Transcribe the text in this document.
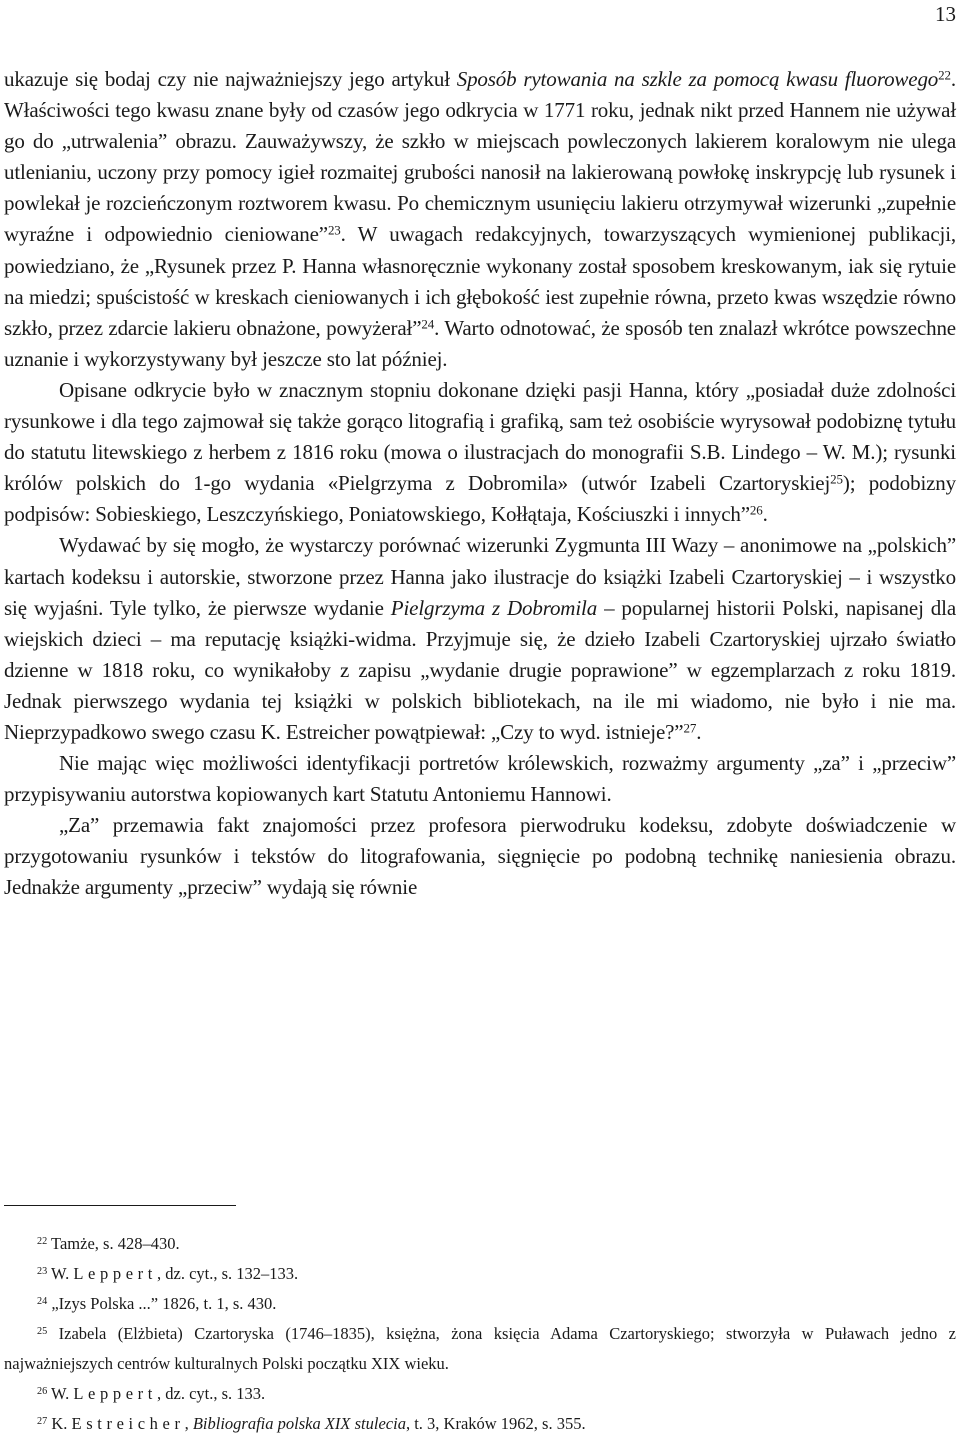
13

ukazuje się bodaj czy nie najważniejszy jego artykuł Sposób rytowania na szkle za pomocą kwasu fluorowego$^{22}$. Właściwości tego kwasu znane były od czasów jego odkrycia w 1771 roku, jednak nikt przed Hannem nie używał go do „utrwalenia” obrazu. Zauważywszy, że szkło w miejscach powleczonych lakierem koralowym nie ulega utlenianiu, uczony przy pomocy igieł rozmaitej grubości nanosił na lakierowaną powłokę inskrypcję lub rysunek i powlekał je rozcieńczonym roztworem kwasu. Po chemicznym usunięciu lakieru otrzymywał wizerunki „zupełnie wyraźne i odpowiednio cieniowane”$^{23}$. W uwagach redakcyjnych, towarzyszących wymienionej publikacji, powiedziano, że „Rysunek przez P. Hanna własnoręcznie wykonany został sposobem kreskowanym, iak się rytuie na miedzi; spuścistość w kreskach cieniowanych i ich głębokość iest zupełnie równa, przeto kwas wszędzie równo szkło, przez zdarcie lakieru obnażone, powyżerał”$^{24}$. Warto odnotować, że sposób ten znalazł wkrótce powszechne uznanie i wykorzystywany był jeszcze sto lat później.

Opisane odkrycie było w znacznym stopniu dokonane dzięki pasji Hanna, który „posiadał duże zdolności rysunkowe i dla tego zajmował się także gorąco litografią i grafiką, sam też osobiście wyrysował podobiznę tytułu do statutu litewskiego z herbem z 1816 roku (mowa o ilustracjach do monografii S.B. Lindego – W. M.); rysunki królów polskich do 1-go wydania «Pielgrzyma z Dobromila» (utwór Izabeli Czartoryskiej$^{25}$); podobizny podpisów: Sobieskiego, Leszczyńskiego, Poniatowskiego, Kołłątaja, Kościuszki i innych”$^{26}$.

Wydawać by się mogło, że wystarczy porównać wizerunki Zygmunta III Wazy – anonimowe na „polskich” kartach kodeksu i autorskie, stworzone przez Hanna jako ilustracje do książki Izabeli Czartoryskiej – i wszystko się wyjaśni. Tyle tylko, że pierwsze wydanie Pielgrzyma z Dobromila – popularnej historii Polski, napisanej dla wiejskich dzieci – ma reputację książki-widma. Przyjmuje się, że dzieło Izabeli Czartoryskiej ujrzało światło dzienne w 1818 roku, co wynikałoby z zapisu „wydanie drugie poprawione” w egzemplarzach z roku 1819. Jednak pierwszego wydania tej książki w polskich bibliotekach, na ile mi wiadomo, nie było i nie ma. Nieprzypadkowo swego czasu K. Estreicher powątpiewał: „Czy to wyd. istnieje?”$^{27}$.

Nie mając więc możliwości identyfikacji portretów królewskich, rozważmy argumenty „za” i „przeciw” przypisywaniu autorstwa kopiowanych kart Statutu Antoniemu Hannowi.

„Za” przemawia fakt znajomości przez profesora pierwodruku kodeksu, zdobyte doświadczenie w przygotowaniu rysunków i tekstów do litografowania, sięgnięcie po podobną technikę naniesienia obrazu. Jednakże argumenty „przeciw” wydają się równie

$^{22}$ Tamże, s. 428–430.

$^{23}$ W. Leppert, dz. cyt., s. 132–133.

$^{24}$ „Izys Polska ...” 1826, t. 1, s. 430.

$^{25}$ Izabela (Elżbieta) Czartoryska (1746–1835), księżna, żona księcia Adama Czartoryskiego; stworzyła w Puławach jedno z najważniejszych centrów kulturalnych Polski początku XIX wieku.

$^{26}$ W. Leppert, dz. cyt., s. 133.

$^{27}$ K. Estreicher, Bibliografia polska XIX stulecia, t. 3, Kraków 1962, s. 355.
